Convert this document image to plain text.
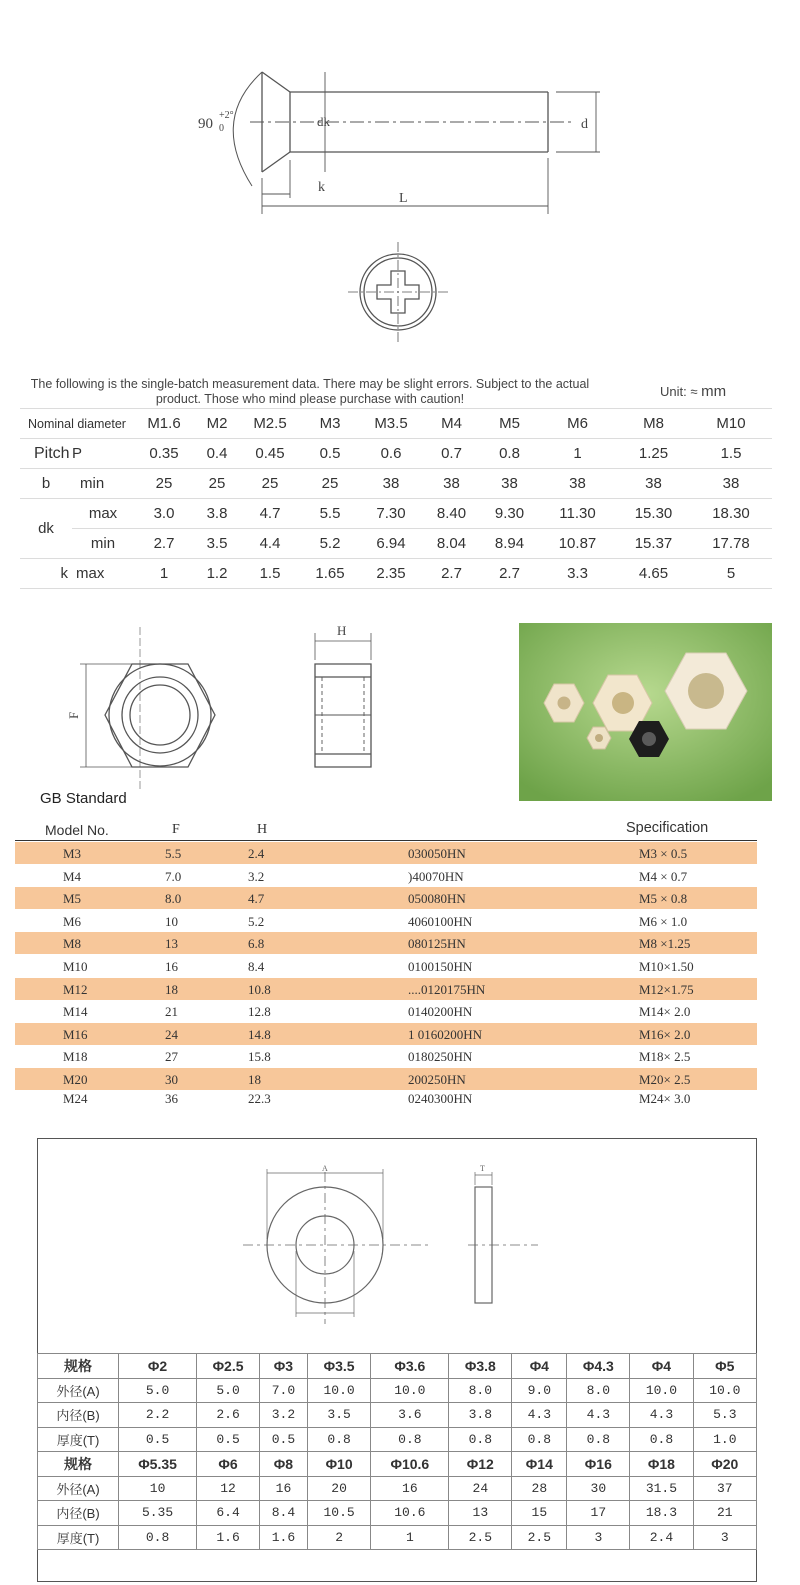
90
+2°
0	dk	d
k
L
The following is the single-batch measurement data. There may be slight errors. Subject to the actual product. Those who mind please purchase with caution!	Unit: ≈ mm
Nominal diameter		M1.6	M2	M2.5	M3	M3.5	M4	M5	M6	M8	M10
Pitch	P	0.35	0.4	0.45	0.5	0.6	0.7	0.8	1	1.25	1.5
b	min	25	25	25	25	38	38	38	38	38	38
dk	max	3.0	3.8	4.7	5.5	7.30	8.40	9.30	11.30	15.30	18.30
	min	2.7	3.5	4.4	5.2	6.94	8.04	8.94	10.87	15.37	17.78
k	max	1	1.2	1.5	1.65	2.35	2.7	2.7	3.3	4.65	5
F
H
GB Standard
Model No.	F	H	Specification
M3	5.5	2.4	030050HN	M3 × 0.5
M4	7.0	3.2	)40070HN	M4 × 0.7
M5	8.0	4.7	050080HN	M5 × 0.8
M6	10	5.2	4060100HN	M6 × 1.0
M8	13	6.8	080125HN	M8 ×1.25
M10	16	8.4	0100150HN	M10×1.50
M12	18	10.8	....0120175HN	M12×1.75
M14	21	12.8	0140200HN	M14× 2.0
M16	24	14.8	1 0160200HN	M16× 2.0
M18	27	15.8	0180250HN	M18× 2.5
M20	30	18	200250HN	M20× 2.5
M24	36	22.3	0240300HN	M24× 3.0
A	T
规格	Φ2	Φ2.5	Φ3	Φ3.5	Φ3.6	Φ3.8	Φ4	Φ4.3	Φ4	Φ5
外径(A)	5.0	5.0	7.0	10.0	10.0	8.0	9.0	8.0	10.0	10.0
内径(B)	2.2	2.6	3.2	3.5	3.6	3.8	4.3	4.3	4.3	5.3
厚度(T)	0.5	0.5	0.5	0.8	0.8	0.8	0.8	0.8	0.8	1.0
规格	Φ5.35	Φ6	Φ8	Φ10	Φ10.6	Φ12	Φ14	Φ16	Φ18	Φ20
外径(A)	10	12	16	20	16	24	28	30	31.5	37
内径(B)	5.35	6.4	8.4	10.5	10.6	13	15	17	18.3	21
厚度(T)	0.8	1.6	1.6	2	1	2.5	2.5	3	2.4	3
